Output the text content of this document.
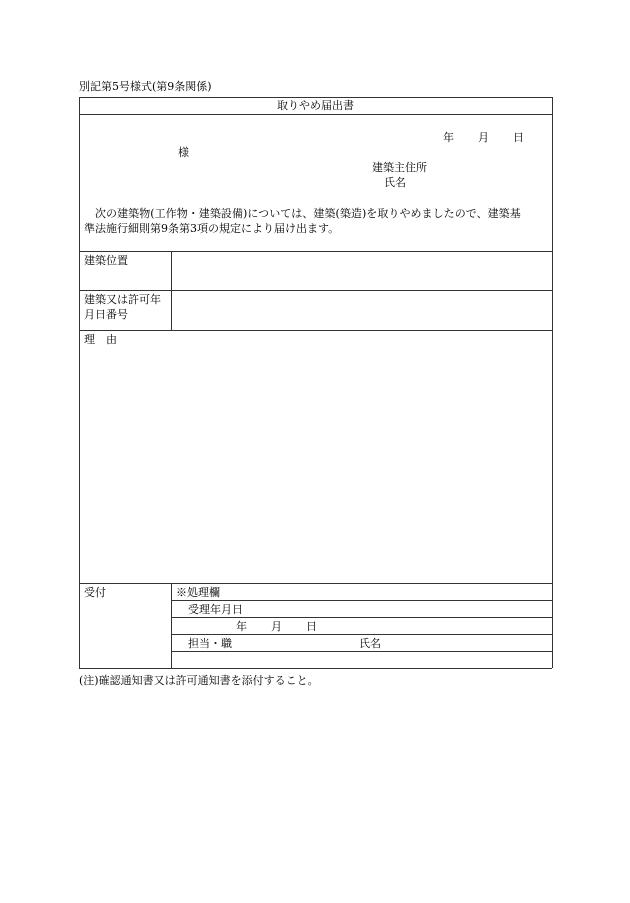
別記第5号様式(第9条関係)
取りやめ届出書
年 月 日
様
建築主住所
氏名
次の建築物(工作物・建築設備)については、建築(築造)を取りやめましたので、建築基
準法施行細則第9条第3項の規定により届け出ます。
建築位置
建築又は許可年
月日番号
理　由
受付	※処理欄
受理年月日
年 月 日
担当・職	氏名
(注)確認通知書又は許可通知書を添付すること。
